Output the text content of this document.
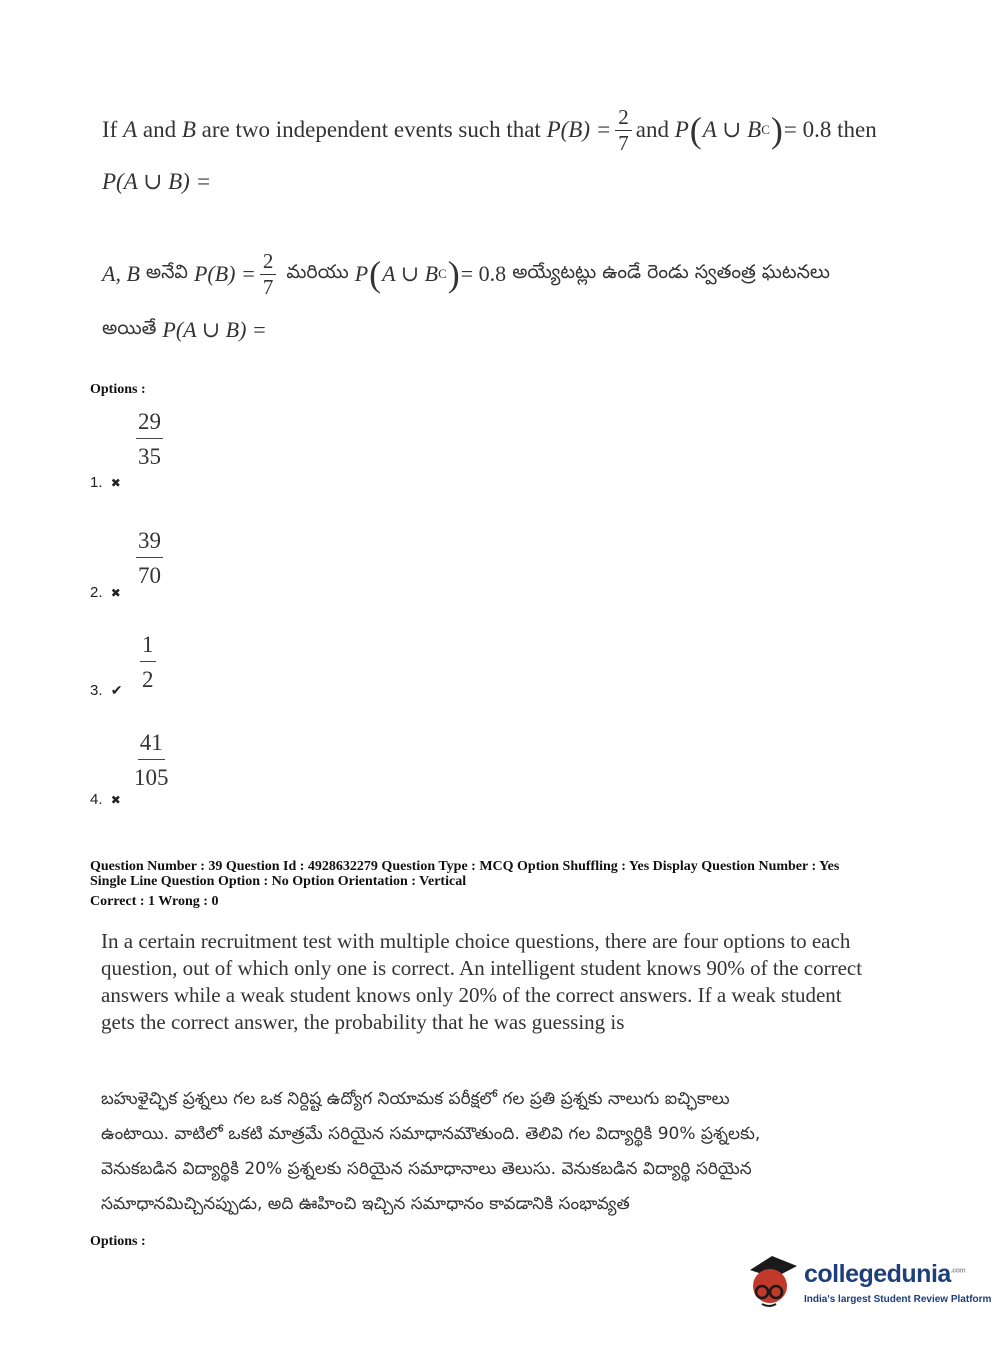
If
A
and
B
are two independent events such that
$P(B) = \frac{2}{7}$ and
P ( A ∪ B C ) = 0.8
then
P(A ∪ B) =
A, B అనేవి $P(B) = \frac{2}{7}$ మరియు P ( A ∪ B C ) = 0.8 అయ్యేటట్లు ఉండే రెండు స్వతంత్ర ఘటనలు
అయితే P(A ∪ B) =
Options :
$\frac{29}{35}$
1. ✖
$\frac{39}{70}$
2. ✖
$\frac{1}{2}$
3. ✔
$\frac{41}{105}$
4. ✖
Question Number : 39 Question Id : 4928632279 Question Type : MCQ Option Shuffling : Yes Display Question Number : Yes
Single Line Question Option : No Option Orientation : Vertical
Correct : 1 Wrong : 0
In a certain recruitment test with multiple choice questions, there are four options to each
question, out of which only one is correct. An intelligent student knows 90% of the correct
answers while a weak student knows only 20% of the correct answers. If a weak student
gets the correct answer, the probability that he was guessing is
బహుళైచ్ఛిక ప్రశ్నలు గల ఒక నిర్దిష్ట ఉద్యోగ నియామక పరీక్షలో గల ప్రతి ప్రశ్నకు నాలుగు ఐచ్ఛికాలు
ఉంటాయి. వాటిలో ఒకటి మాత్రమే సరియైన సమాధానమౌతుంది. తెలివి గల విద్యార్థికి 90% ప్రశ్నలకు,
వెనుకబడిన విద్యార్థికి 20% ప్రశ్నలకు సరియైన సమాధానాలు తెలుసు. వెనుకబడిన విద్యార్థి సరియైన
సమాధానమిచ్చినప్పుడు, అది ఊహించి ఇచ్చిన సమాధానం కావడానికి సంభావ్యత
Options :
collegedunia$^{.com}$
India's largest Student Review Platform
